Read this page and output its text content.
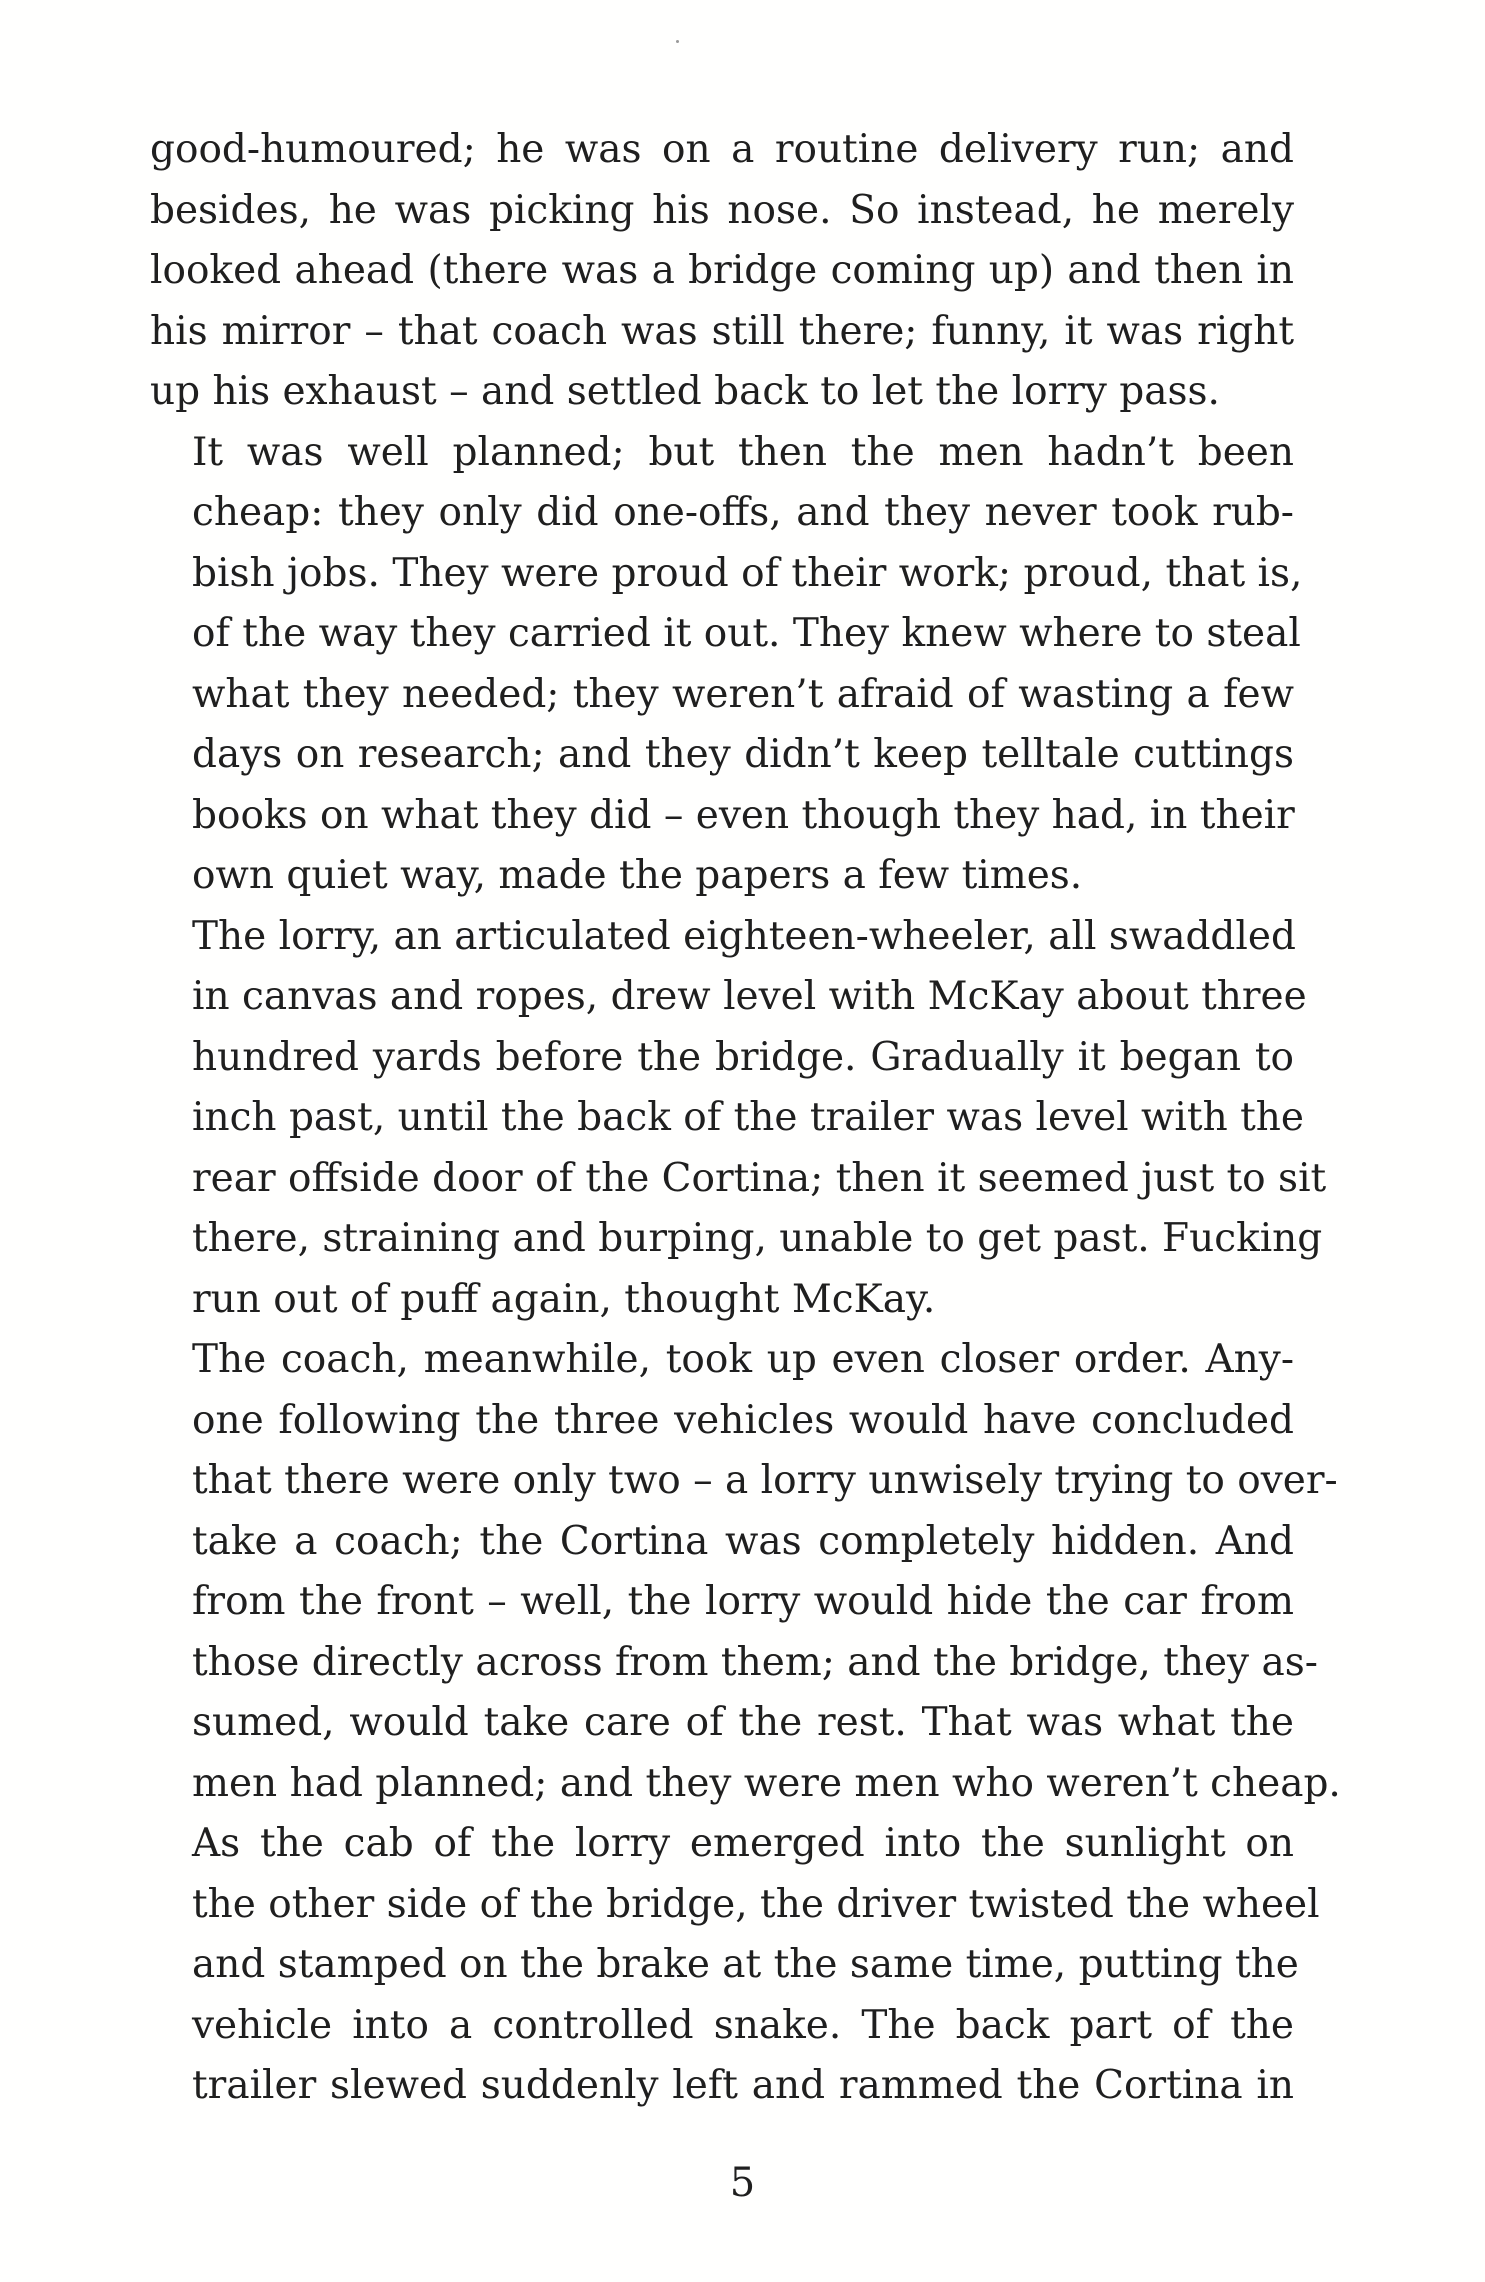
good-humoured; he was on a routine delivery run; and
besides, he was picking his nose. So instead, he merely
looked ahead (there was a bridge coming up) and then in
his mirror – that coach was still there; funny, it was right
up his exhaust – and settled back to let the lorry pass.
It was well planned; but then the men hadn’t been
cheap: they only did one-offs, and they never took rub-
bish jobs. They were proud of their work; proud, that is,
of the way they carried it out. They knew where to steal
what they needed; they weren’t afraid of wasting a few
days on research; and they didn’t keep telltale cuttings
books on what they did – even though they had, in their
own quiet way, made the papers a few times.
The lorry, an articulated eighteen-wheeler, all swaddled
in canvas and ropes, drew level with McKay about three
hundred yards before the bridge. Gradually it began to
inch past, until the back of the trailer was level with the
rear offside door of the Cortina; then it seemed just to sit
there, straining and burping, unable to get past. Fucking
run out of puff again, thought McKay.
The coach, meanwhile, took up even closer order. Any-
one following the three vehicles would have concluded
that there were only two – a lorry unwisely trying to over-
take a coach; the Cortina was completely hidden. And
from the front – well, the lorry would hide the car from
those directly across from them; and the bridge, they as-
sumed, would take care of the rest. That was what the
men had planned; and they were men who weren’t cheap.
As the cab of the lorry emerged into the sunlight on
the other side of the bridge, the driver twisted the wheel
and stamped on the brake at the same time, putting the
vehicle into a controlled snake. The back part of the
trailer slewed suddenly left and rammed the Cortina in
5
